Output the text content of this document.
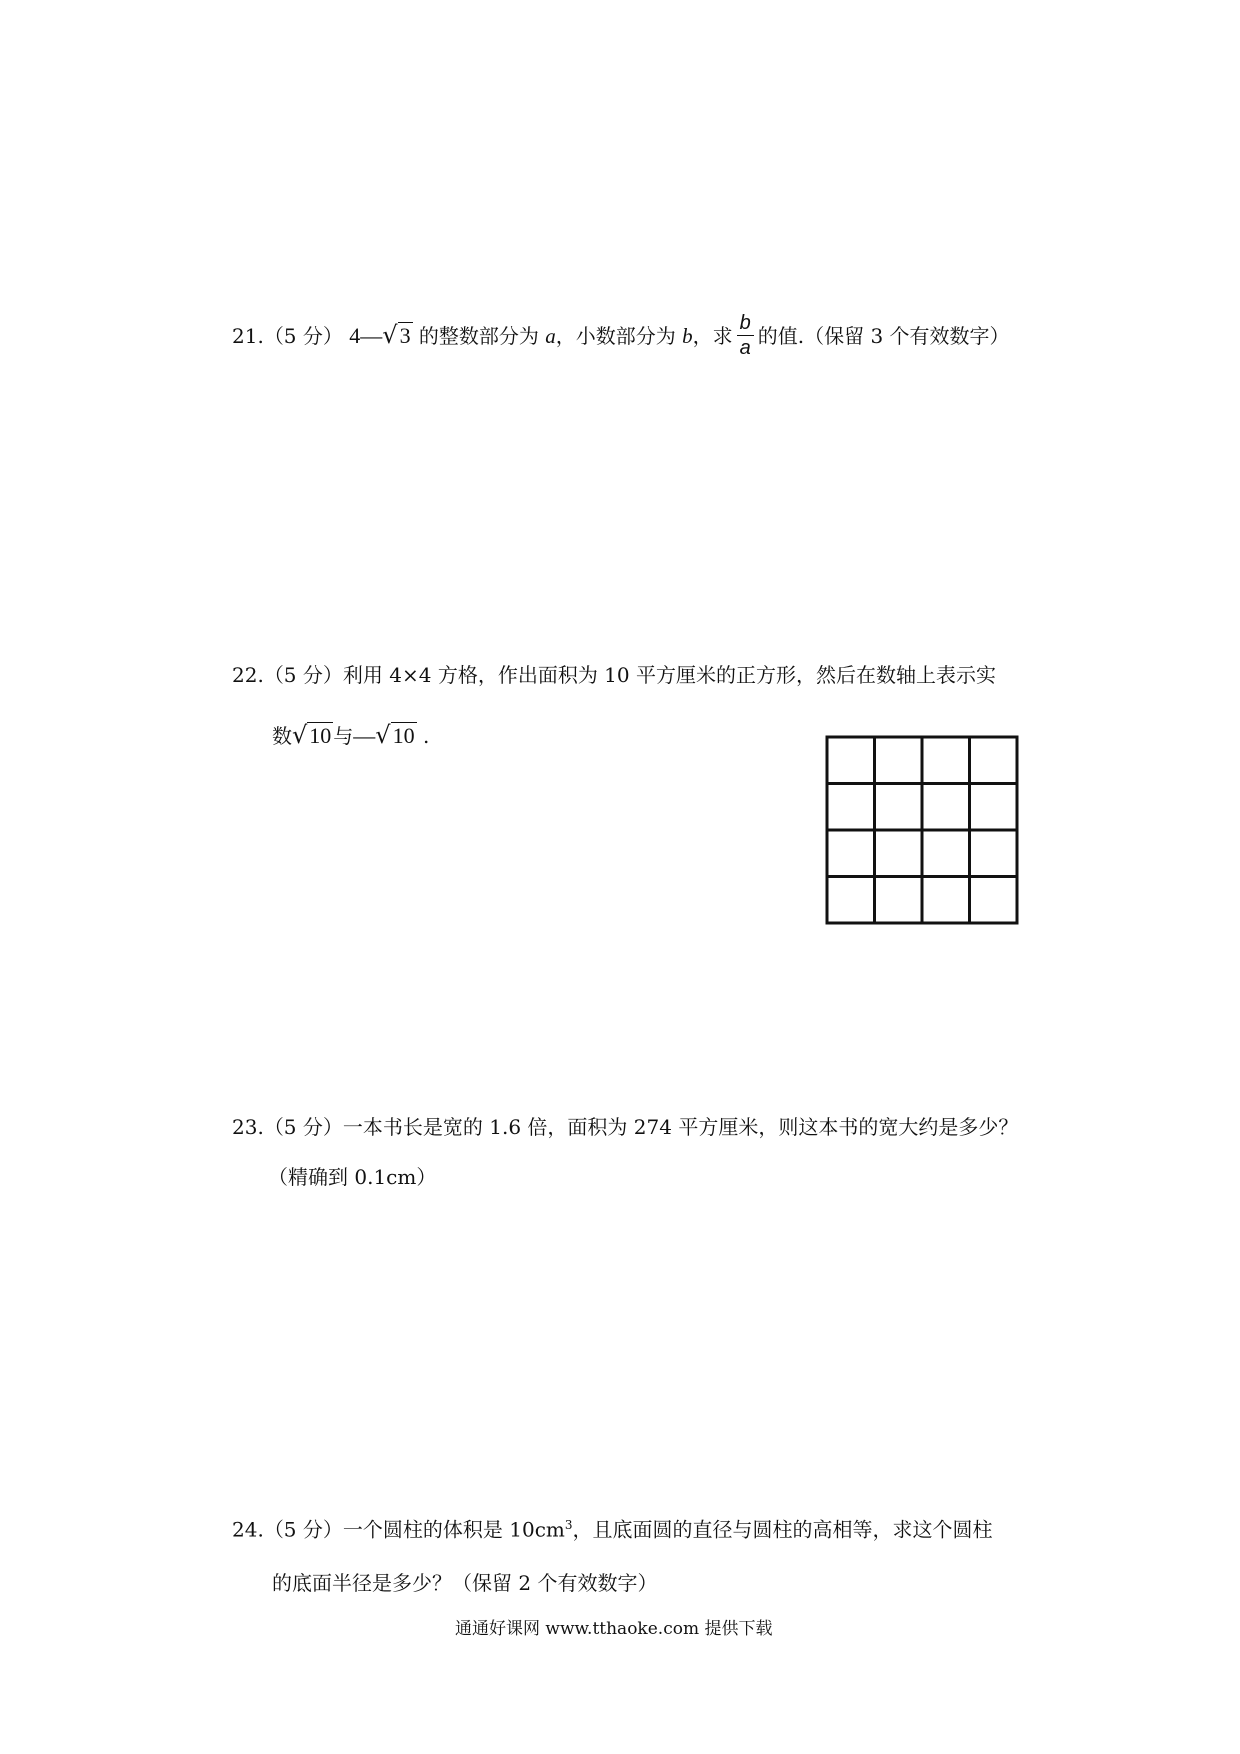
21.（5 分） 4—√3 的整数部分为 a，小数部分为 b，求 $\frac{b}{a}$ 的值.（保留 3 个有效数字）
22.（5 分）利用 4×4 方格，作出面积为 10 平方厘米的正方形，然后在数轴上表示实
数√10 与—√10 .
23.（5 分）一本书长是宽的 1.6 倍，面积为 274 平方厘米，则这本书的宽大约是多少？
（精确到 0.1cm）
24.（5 分）一个圆柱的体积是 $10cm^3$，且底面圆的直径与圆柱的高相等，求这个圆柱
的底面半径是多少？（保留 2 个有效数字）
通通好课网 www.tthaoke.com 提供下载
